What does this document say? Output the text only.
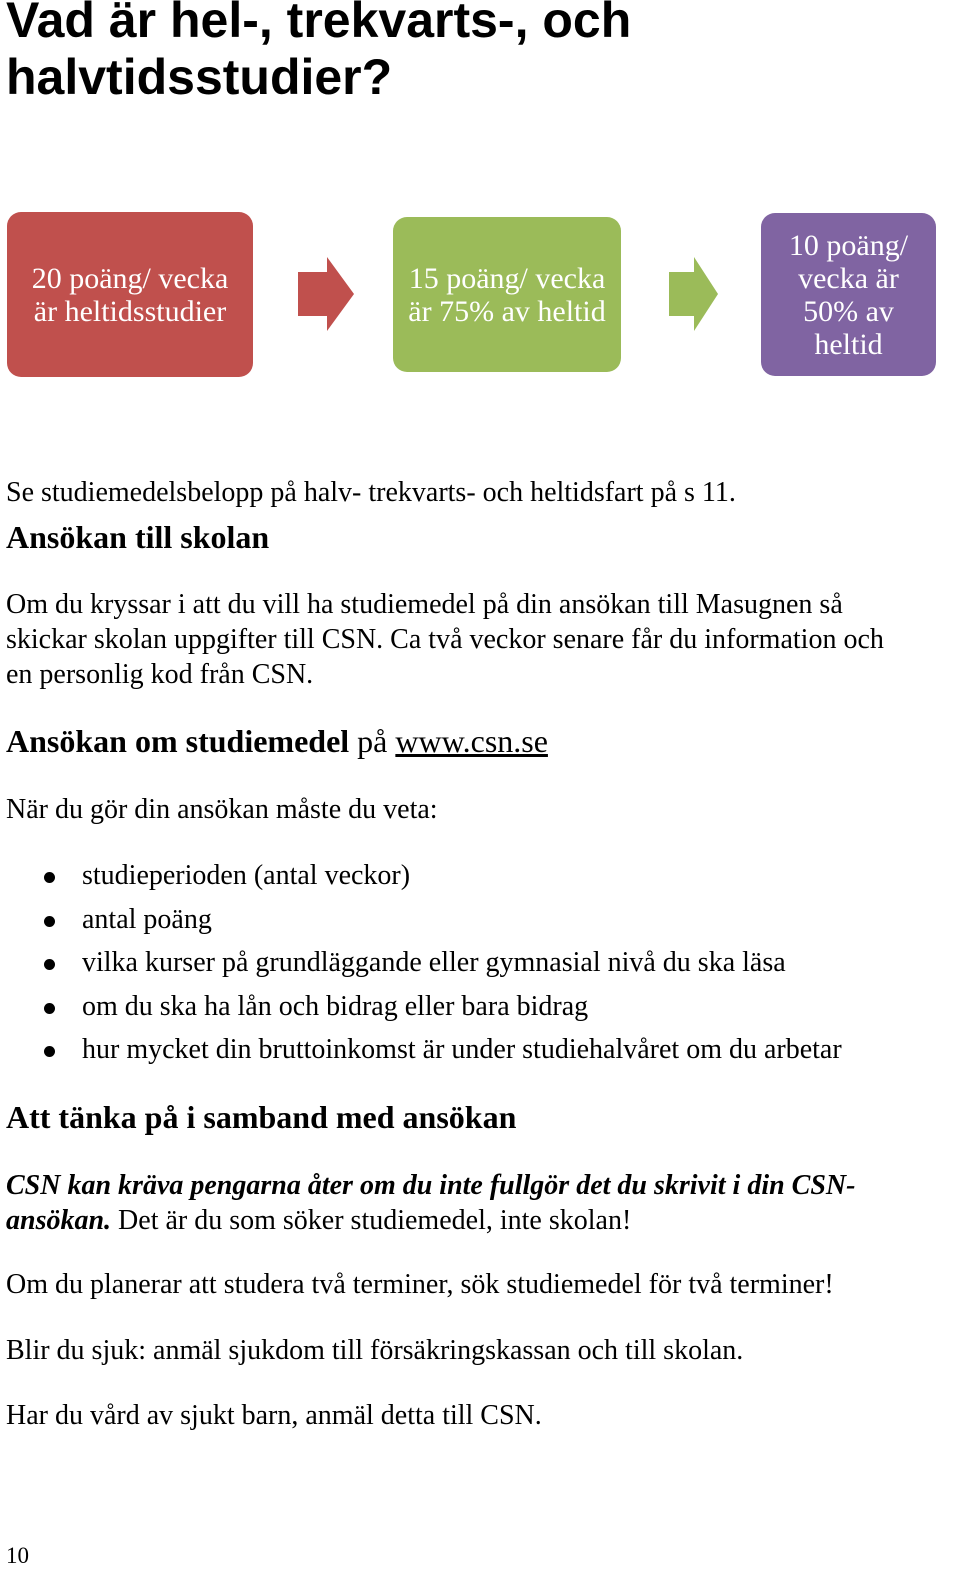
Vad är hel-, trekvarts-, och halvtidsstudier?
20 poäng/ vecka är heltidsstudier
15 poäng/ vecka är 75% av heltid
10 poäng/ vecka är 50% av heltid

Se studiemedelsbelopp på halv- trekvarts- och heltidsfart på s 11.

Ansökan till skolan

Om du kryssar i att du vill ha studiemedel på din ansökan till Masugnen så

skickar skolan uppgifter till CSN. Ca två veckor senare får du information och

en personlig kod från CSN.

Ansökan om studiemedel på www.csn.se

När du gör din ansökan måste du veta:

studieperioden (antal veckor)
antal poäng
vilka kurser på grundläggande eller gymnasial nivå du ska läsa
om du ska ha lån och bidrag eller bara bidrag
hur mycket din bruttoinkomst är under studiehalvåret om du arbetar
Att tänka på i samband med ansökan

CSN kan kräva pengarna åter om du inte fullgör det du skrivit i din CSN-

ansökan. Det är du som söker studiemedel, inte skolan!

Om du planerar att studera två terminer, sök studiemedel för två terminer!

Blir du sjuk: anmäl sjukdom till försäkringskassan och till skolan.

Har du vård av sjukt barn, anmäl detta till CSN.

10
